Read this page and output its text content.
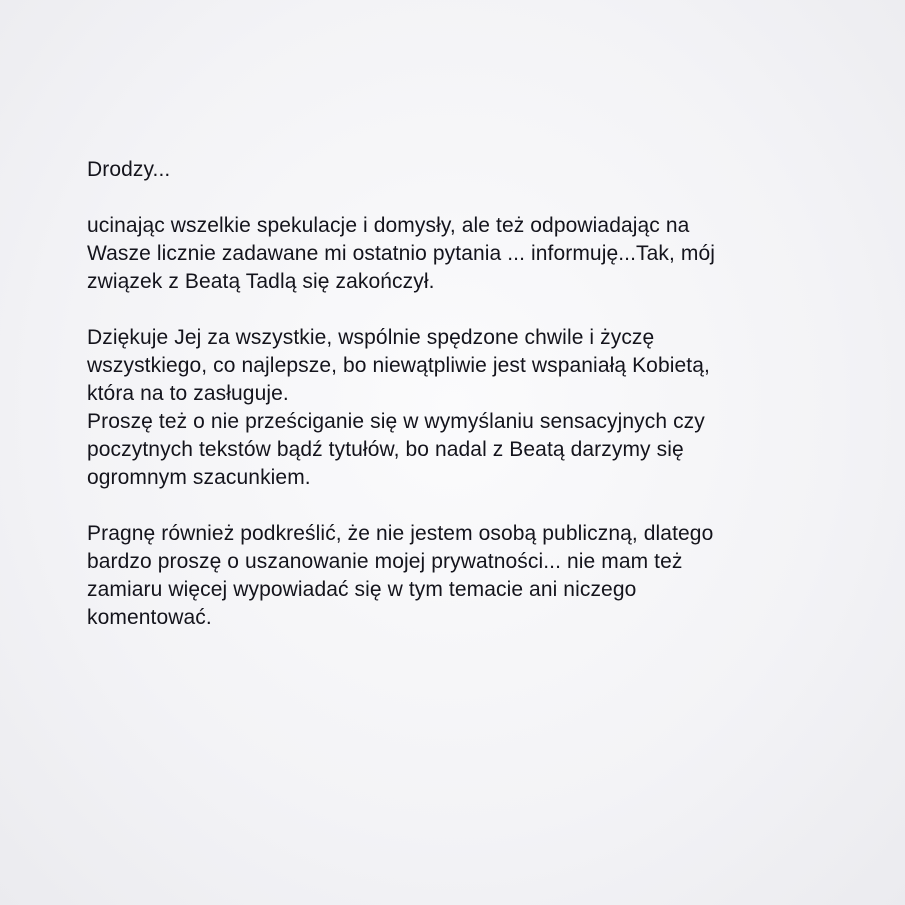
Drodzy...

ucinając wszelkie spekulacje i domysły, ale też odpowiadając na

Wasze licznie zadawane mi ostatnio pytania ... informuję...Tak, mój

związek z Beatą Tadlą się zakończył.

Dziękuje Jej za wszystkie, wspólnie spędzone chwile i życzę

wszystkiego, co najlepsze, bo niewątpliwie jest wspaniałą Kobietą,

która na to zasługuje.

Proszę też o nie prześciganie się w wymyślaniu sensacyjnych czy

poczytnych tekstów bądź tytułów, bo nadal z Beatą darzymy się

ogromnym szacunkiem.

Pragnę również podkreślić, że nie jestem osobą publiczną, dlatego

bardzo proszę o uszanowanie mojej prywatności... nie mam też

zamiaru więcej wypowiadać się w tym temacie ani niczego

komentować.
